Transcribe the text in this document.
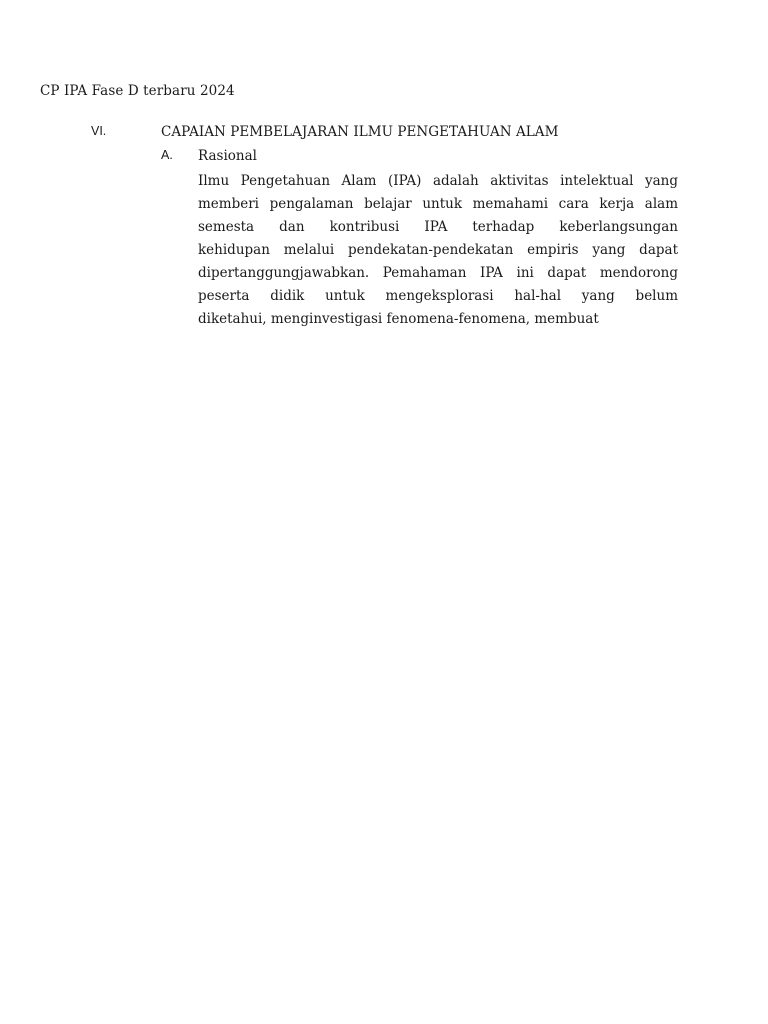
CP IPA Fase D terbaru 2024
VI.	CAPAIAN PEMBELAJARAN ILMU PENGETAHUAN ALAM
A. Rasional
Ilmu Pengetahuan Alam (IPA) adalah aktivitas intelektual yang
memberi pengalaman belajar untuk memahami cara kerja alam
semesta dan kontribusi IPA terhadap keberlangsungan
kehidupan melalui pendekatan-pendekatan empiris yang dapat
dipertanggungjawabkan. Pemahaman IPA ini dapat mendorong
peserta didik untuk mengeksplorasi hal-hal yang belum
diketahui, menginvestigasi fenomena-fenomena, membuat
